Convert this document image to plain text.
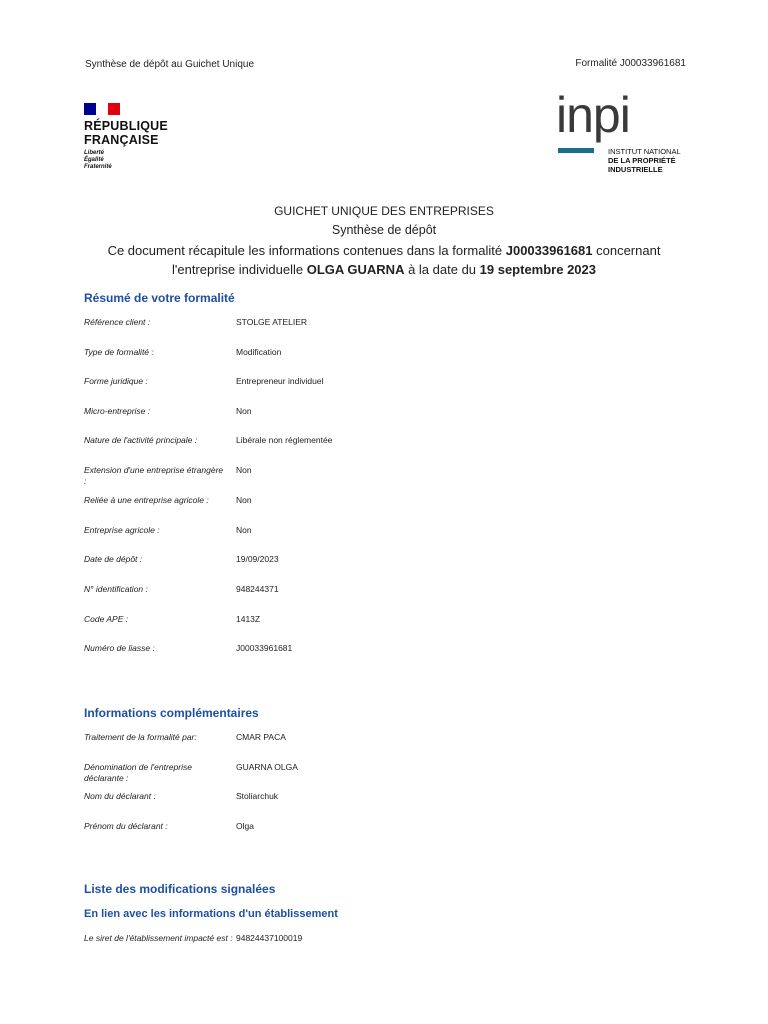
Synthèse de dépôt au Guichet Unique	Formalité J00033961681
RÉPUBLIQUE
FRANÇAISE
Liberté
Égalité
Fraternité
inpi
INSTITUT NATIONAL
DE LA PROPRIÉTÉ
INDUSTRIELLE
GUICHET UNIQUE DES ENTREPRISES
Synthèse de dépôt
Ce document récapitule les informations contenues dans la formalité J00033961681 concernant
l'entreprise individuelle OLGA GUARNA à la date du 19 septembre 2023
Résumé de votre formalité
Référence client :	STOLGE ATELIER
Type de formalité :	Modification
Forme juridique :	Entrepreneur individuel
Micro-entreprise :	Non
Nature de l'activité principale :	Libérale non réglementée
Extension d'une entreprise étrangère :
Non
Reliée à une entreprise agricole :	Non
Entreprise agricole :	Non
Date de dépôt :	19/09/2023
N° identification :	948244371
Code APE :	1413Z
Numéro de liasse :	J00033961681
Informations complémentaires
Traitement de la formalité par:	CMAR PACA
Dénomination de l'entreprise déclarante :
GUARNA OLGA
Nom du déclarant :	Stoliarchuk
Prénom du déclarant :	Olga
Liste des modifications signalées
En lien avec les informations d'un établissement
Le siret de l'établissement impacté est : 94824437100019
